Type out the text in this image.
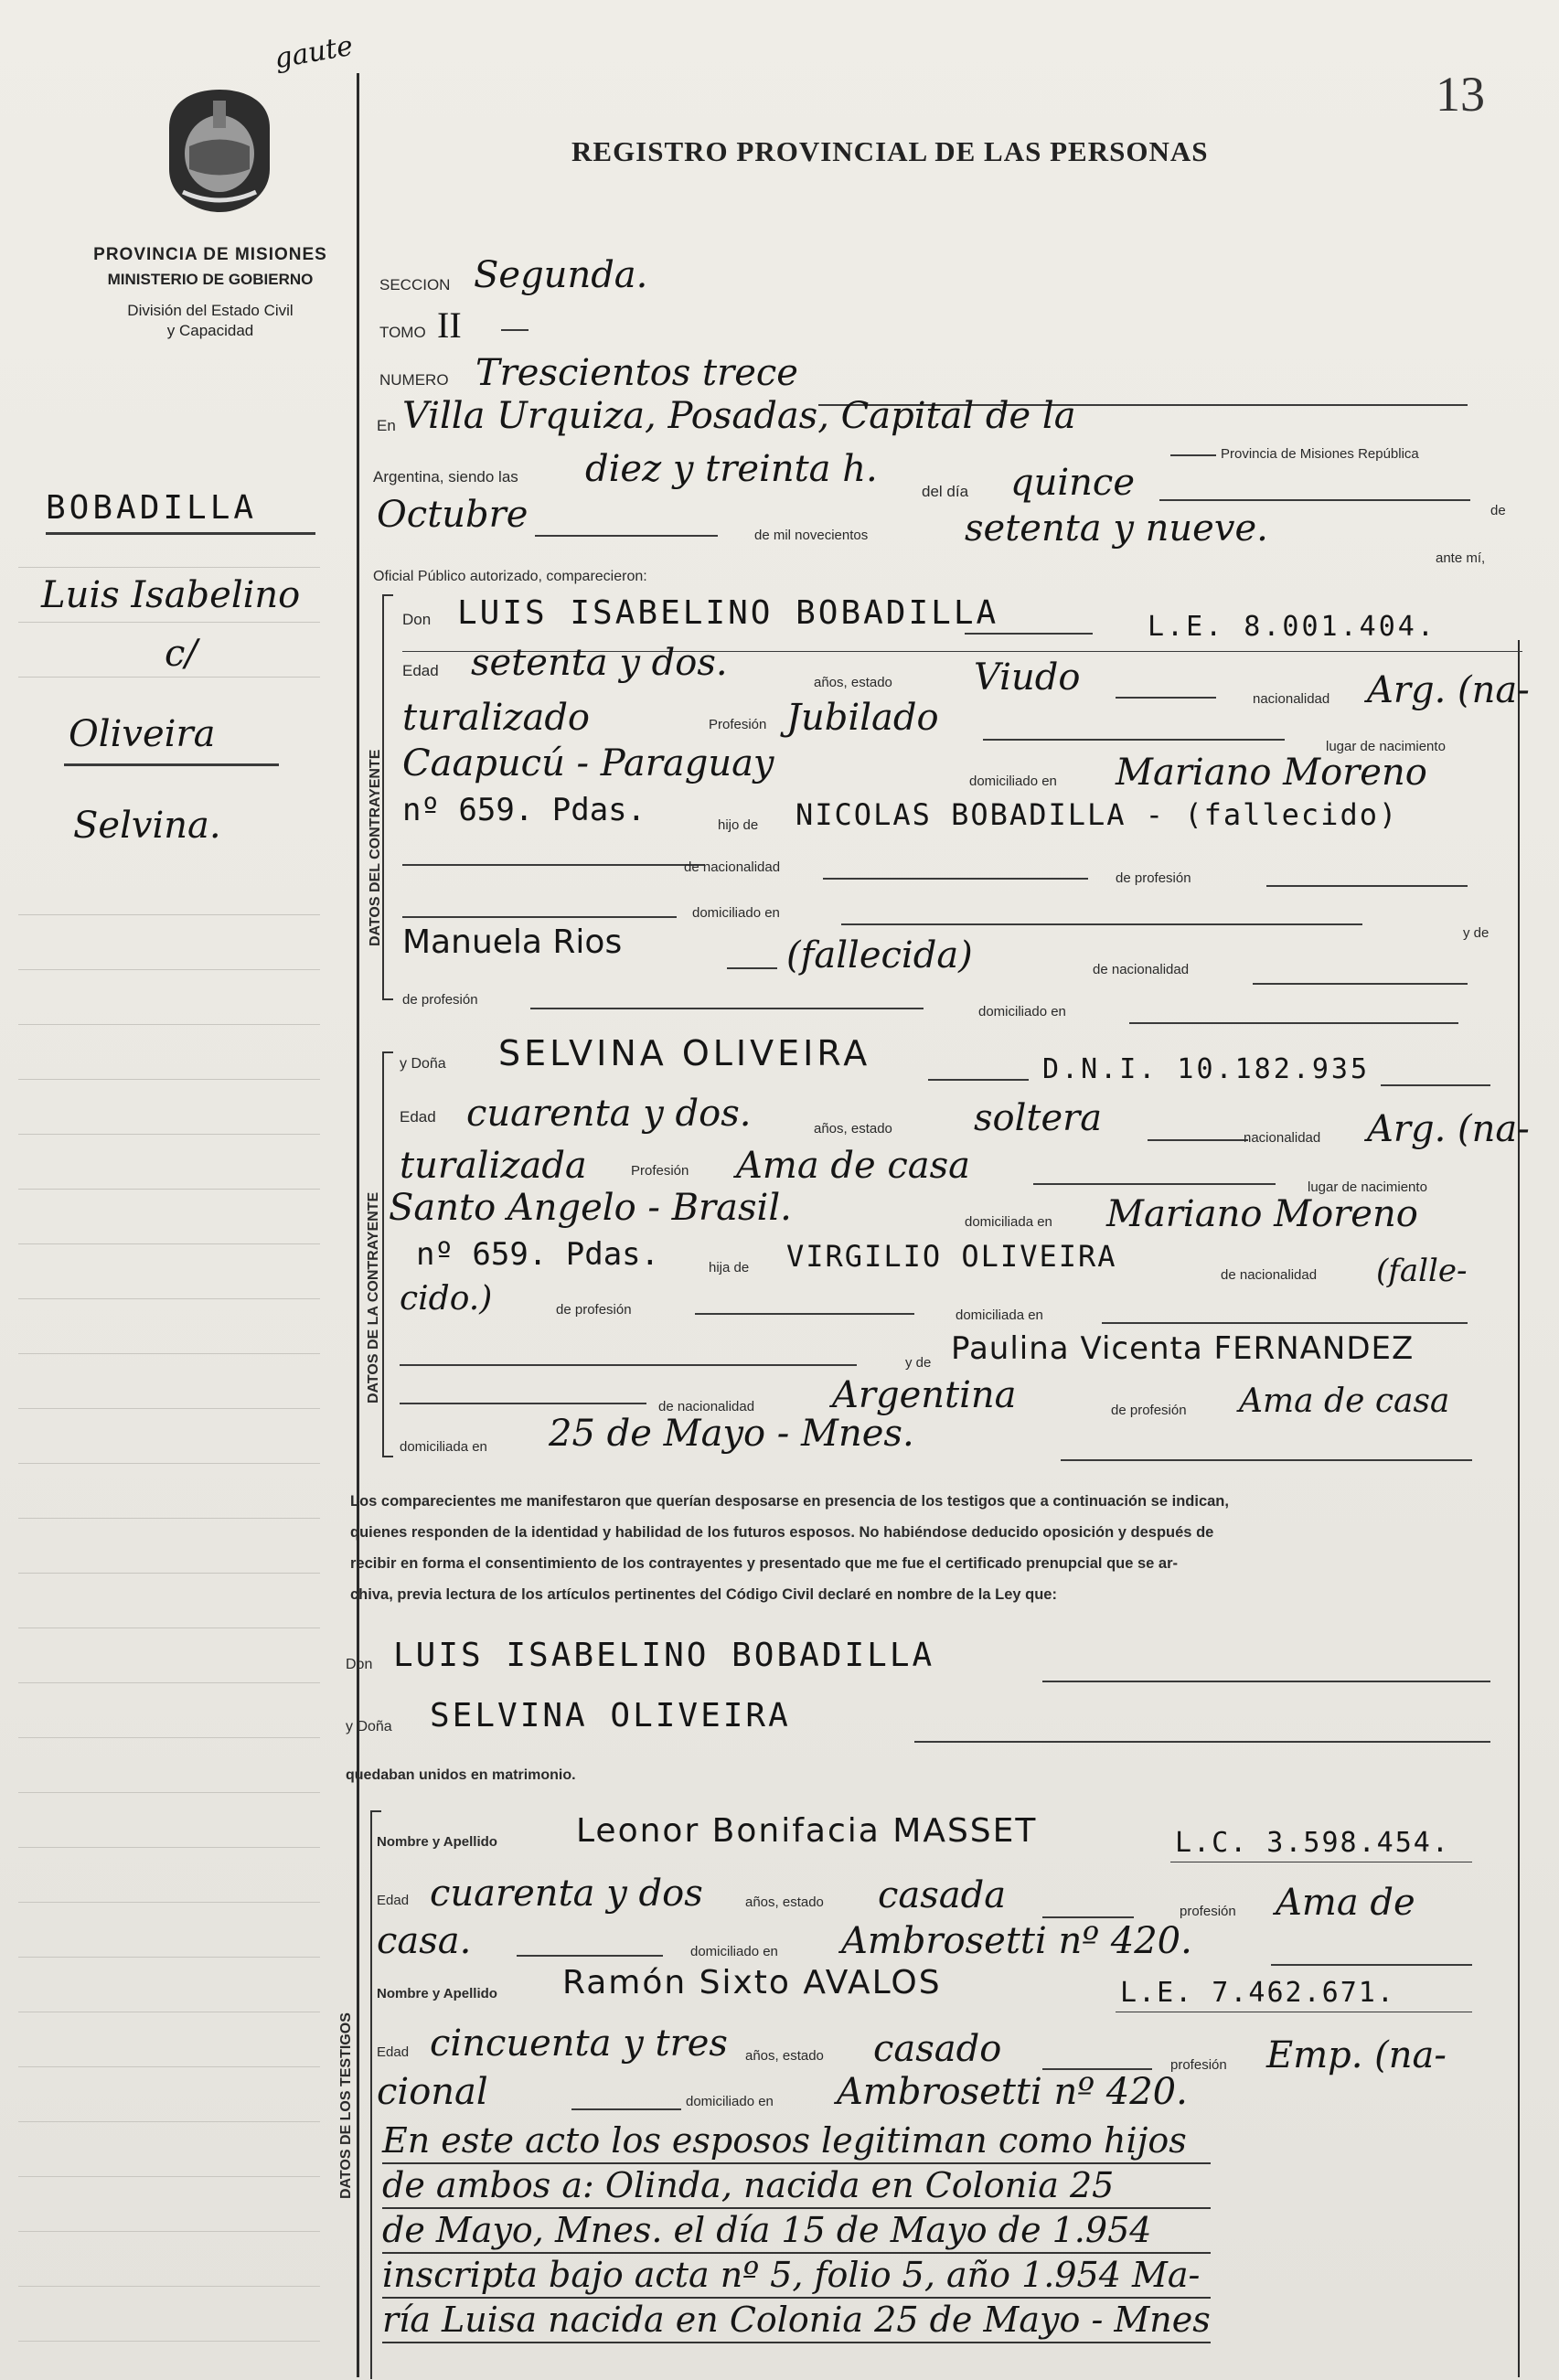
gaute
13
PROVINCIA DE MISIONES
MINISTERIO DE GOBIERNO
División del Estado Civil
y Capacidad
REGISTRO PROVINCIAL DE LAS PERSONAS
BOBADILLA
Luis Isabelino
c/
Oliveira
Selvina.
SECCION Segunda.
TOMO II
NUMERO Trescientos trece
En Villa Urquiza, Posadas, Capital de la
Provincia de Misiones República
Argentina, siendo las diez y treinta h.
del día quince
de
Octubre	de mil novecientos	setenta y nueve.
ante mí,
Oficial Público autorizado, comparecieron:
DATOS DEL CONTRAYENTE
Don LUIS ISABELINO BOBADILLA	L.E. 8.001.404.
Edad setenta y dos.	años, estado Viudo
nacionalidad Arg. (na-
turalizado	Profesión Jubilado
lugar de nacimiento
Caapucú - Paraguay	domiciliado en Mariano Moreno
nº 659. Pdas.	hijo de NICOLAS BOBADILLA - (fallecido)
de nacionalidad
de profesión
domiciliado en
y de
Manuela Rios	(fallecida)	de nacionalidad
de profesión
domiciliado en
DATOS DE LA CONTRAYENTE
y Doña SELVINA OLIVEIRA	D.N.I. 10.182.935
Edad cuarenta y dos.	años, estado soltera	nacionalidad Arg. (na-
turalizada	Profesión Ama de casa
lugar de nacimiento
Santo Angelo - Brasil.	domiciliada en Mariano Moreno
nº 659. Pdas.	hija de VIRGILIO OLIVEIRA
de nacionalidad (falle-
cido.)	de profesión	domiciliada en
y de Paulina Vicenta FERNANDEZ
de nacionalidad Argentina	de profesión Ama de casa
domiciliada en 25 de Mayo - Mnes.
Los comparecientes me manifestaron que querían desposarse en presencia de los testigos que a continuación se indican,
quienes responden de la identidad y habilidad de los futuros esposos. No habiéndose deducido oposición y después de
recibir en forma el consentimiento de los contrayentes y presentado que me fue el certificado prenupcial que se ar-
chiva, previa lectura de los artículos pertinentes del Código Civil declaré en nombre de la Ley que:
Don LUIS ISABELINO BOBADILLA
y Doña SELVINA OLIVEIRA
quedaban unidos en matrimonio.
DATOS DE LOS TESTIGOS
Nombre y Apellido Leonor Bonifacia MASSET	L.C. 3.598.454.
Edad cuarenta y dos	años, estado casada	profesión Ama de
casa.	domiciliado en Ambrosetti nº 420.
Nombre y Apellido Ramón Sixto AVALOS	L.E. 7.462.671.
Edad cincuenta y tres años, estado casado	profesión Emp. (na-
cional	domiciliado en Ambrosetti nº 420.
En este acto los esposos legitiman como hijos
de ambos a: Olinda, nacida en Colonia 25
de Mayo, Mnes. el día 15 de Mayo de 1.954
inscripta bajo acta nº 5, folio 5, año 1.954 Ma-
ría Luisa nacida en Colonia 25 de Mayo - Mnes
